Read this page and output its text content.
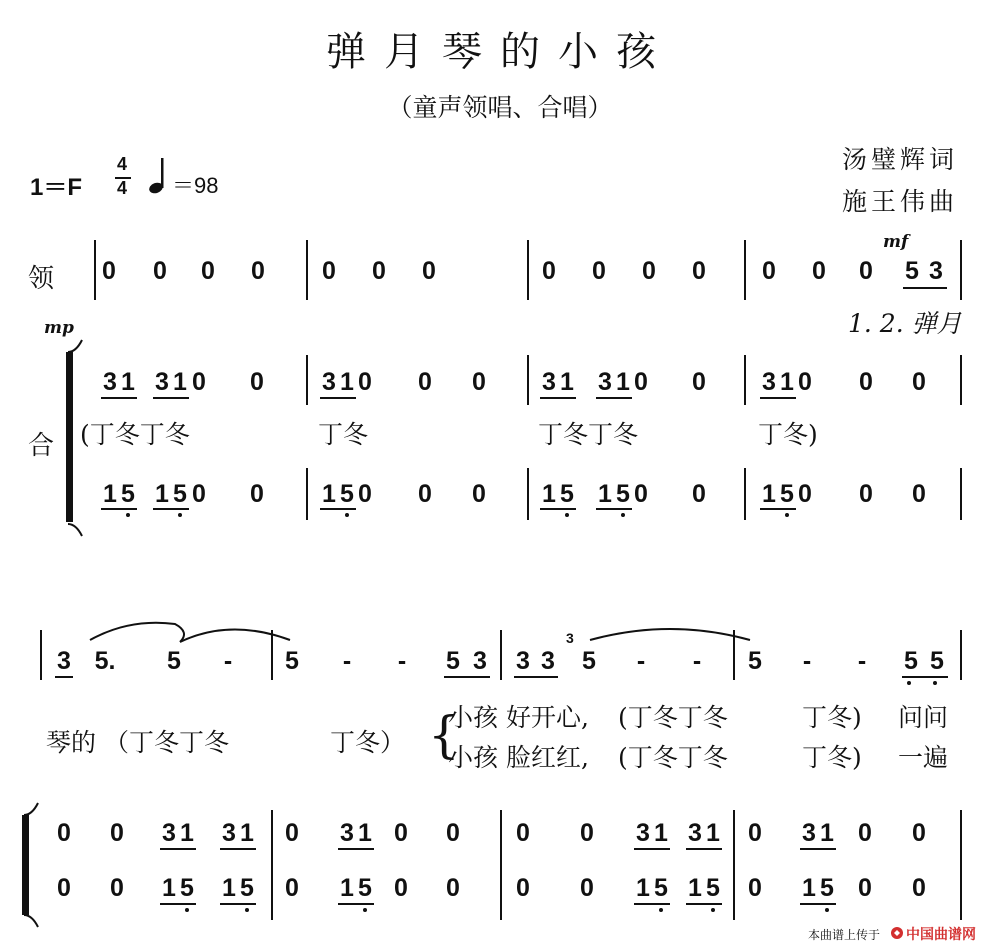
弹月琴的小孩
（童声领唱、合唱）
汤璧辉词
施王伟曲
1＝F
4
4 ＝98
领
合
mp
mf
0 0 0 0 0 0 0	0 0 0 0 0 0 0 5 3
1. 2. 弹月
3 1 3 1 0 0 3 1 0 0 0 3 1 3 1 0 0 3 1 0 0 0
(丁冬丁冬	丁冬	丁冬丁冬	丁冬)
1 5 1 5 0 0 1 5 0 0 0 1 5 1 5 0 0 1 5 0 0 0
3 5. 5 - 5 - - 5 3 3 3 5 - - 5 - - 5 5
3
琴的 （丁冬丁冬	丁冬） {
小孩 好开心, (丁冬丁冬	丁冬) 问问
小孩 脸红红, (丁冬丁冬	丁冬) 一遍
0 0 3 1 3 1 0 3 1 0 0 0 0 3 1 3 1 0 3 1 0 0
0 0 1 5 1 5 0 1 5 0 0 0 0 1 5 1 5 0 1 5 0 0
本曲谱上传于 中国曲谱网
